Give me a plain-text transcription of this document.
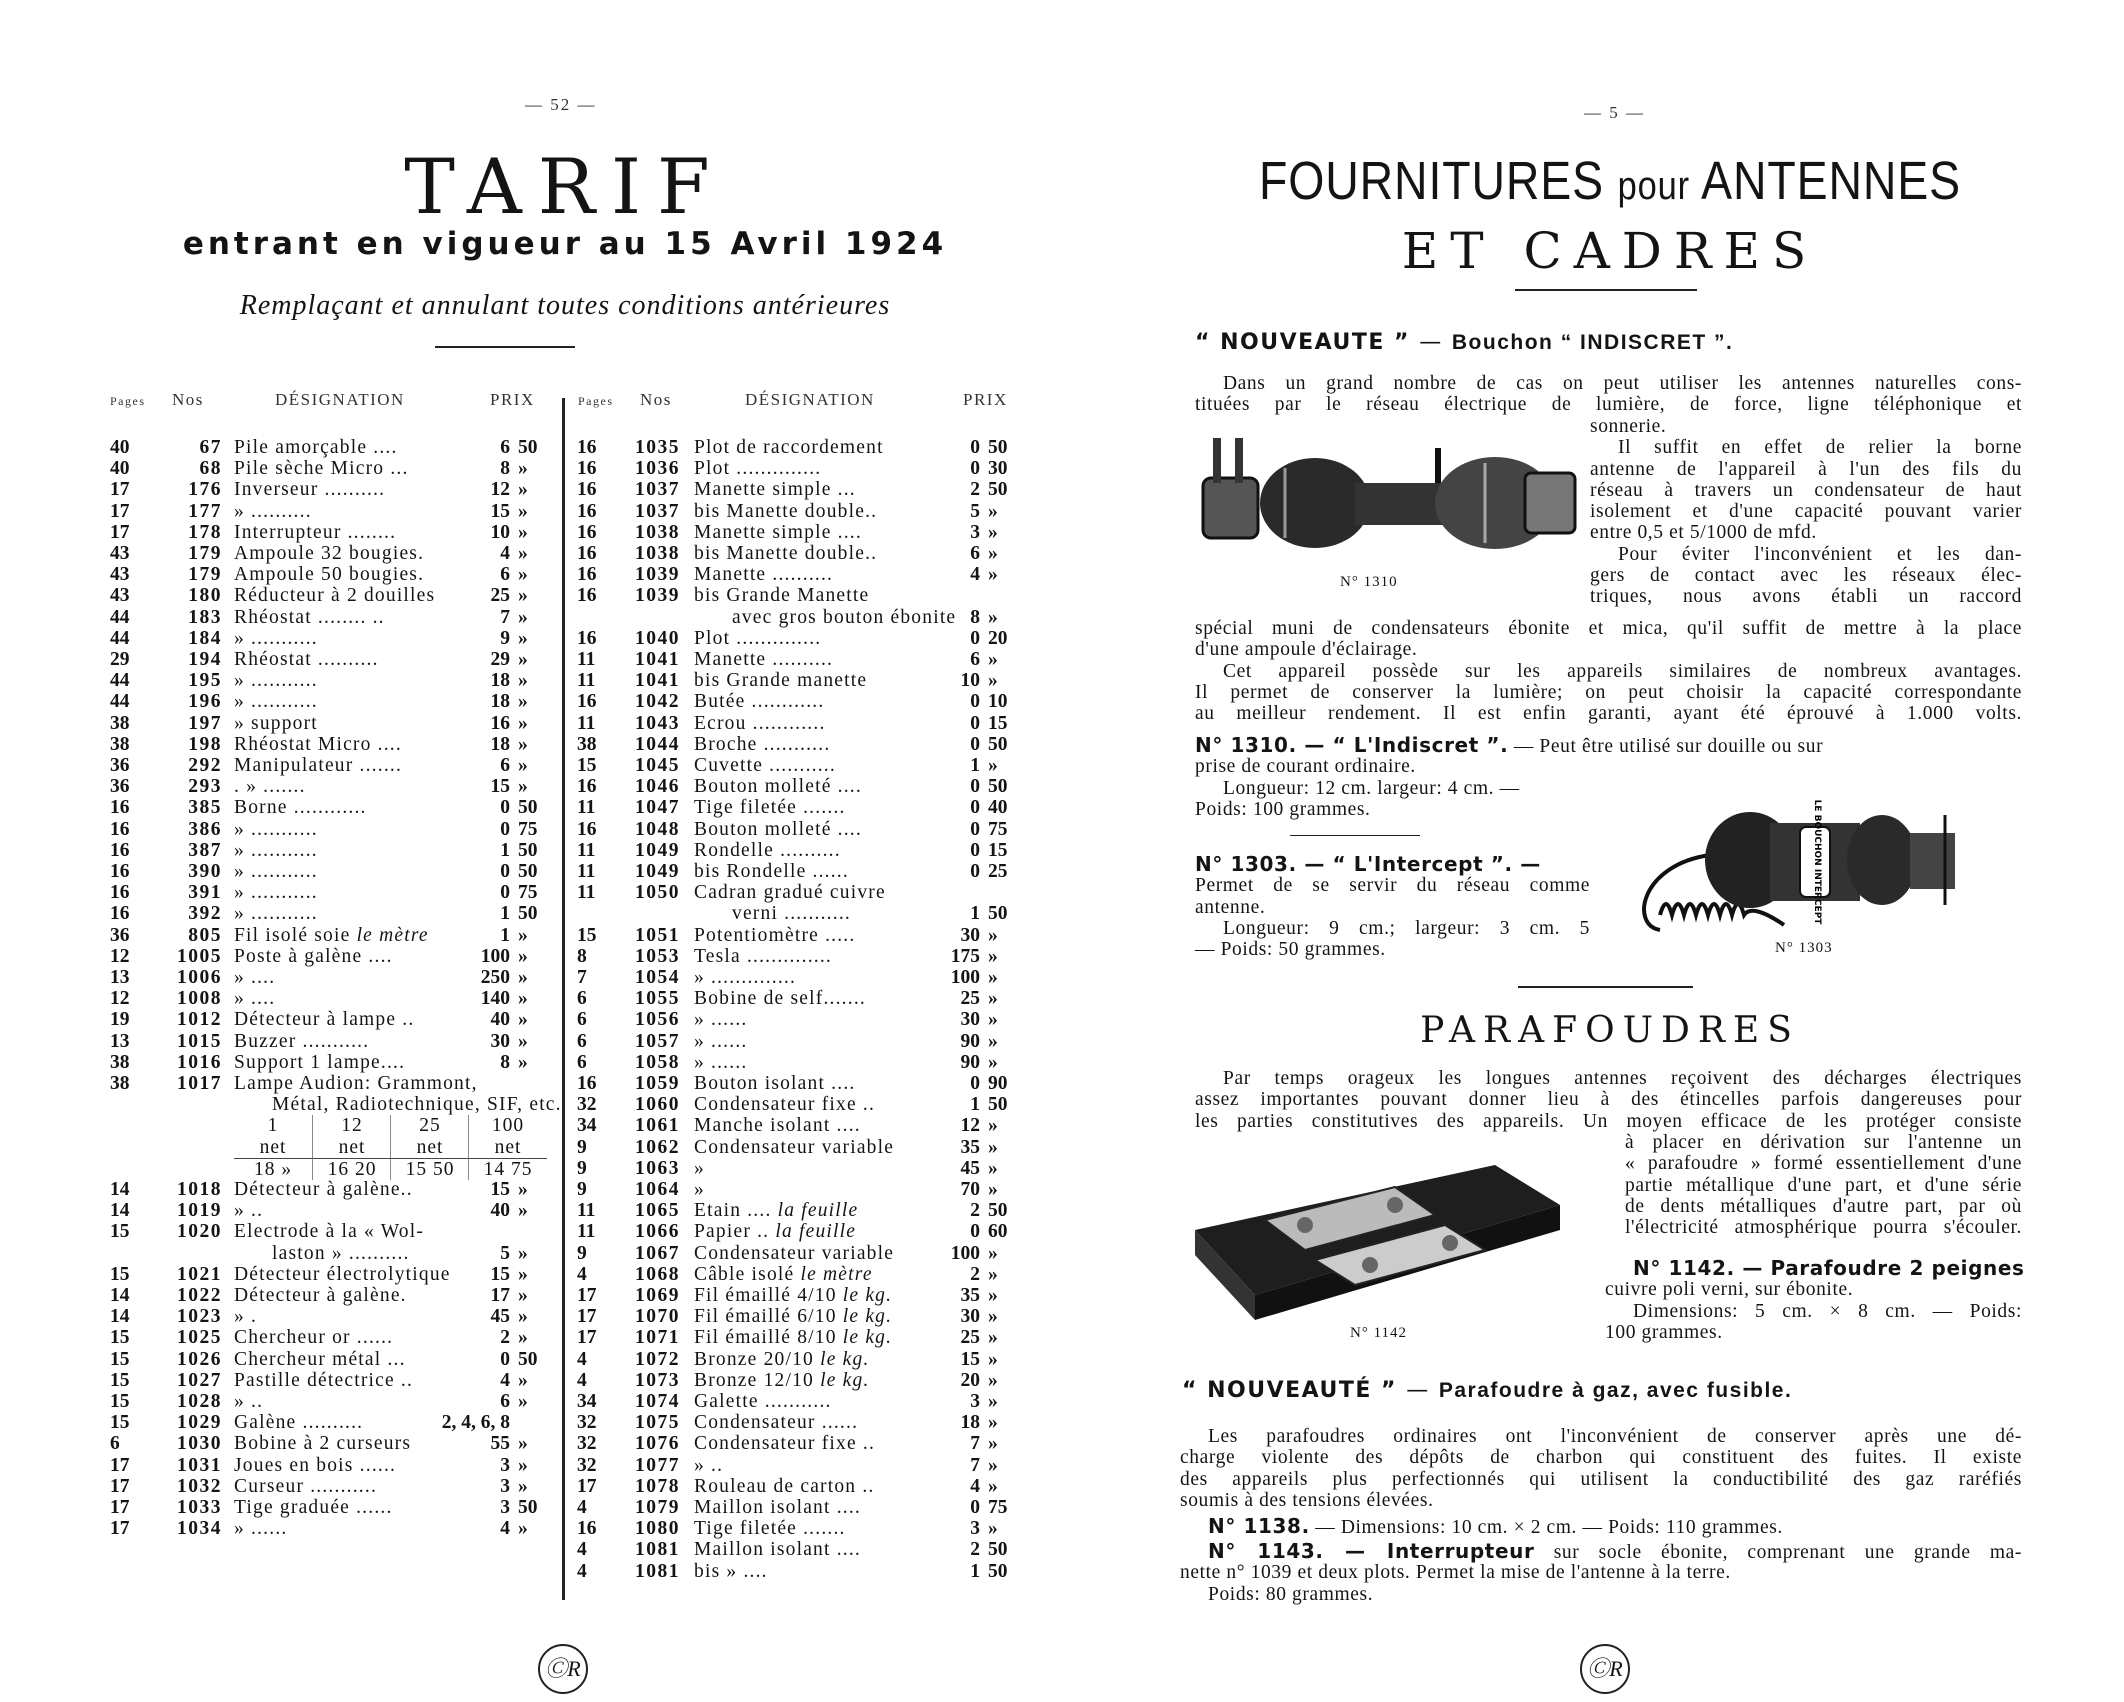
— 52 —
TARIF
entrant en vigueur au 15 Avril 1924
Remplaçant et annulant toutes conditions antérieures
Pages Nos	DÉSIGNATION	PRIX	Pages Nos	DÉSIGNATION	PRIX
40	67 Pile amorçable ....	6 50
40	68 Pile sèche Micro ...	8 »
17	176 Inverseur ..........	12 »
17	177 » ..........	15 »
17	178 Interrupteur ........	10 »
43	179 Ampoule 32 bougies.	4 »
43	179 Ampoule 50 bougies.	6 »
43	180 Réducteur à 2 douilles	25 »
44	183 Rhéostat ........ ..	7 »
44	184 » ...........	9 »
29	194 Rhéostat ..........	29 »
44	195 » ...........	18 »
44	196 » ...........	18 »
38	197 » support	16 »
38	198 Rhéostat Micro ....	18 »
36	292 Manipulateur .......	6 »
36	293 . » .......	15 »
16	385 Borne ............	0 50
16	386 » ...........	0 75
16	387 » ...........	1 50
16	390 » ...........	0 50
16	391 » ...........	0 75
16	392 » ...........	1 50
36	805 Fil isolé soie le mètre	1 »
12	1005 Poste à galène ....	100 »
13	1006 » ....	250 »
12	1008 » ....	140 »
19	1012 Détecteur à lampe ..	40 »
13	1015 Buzzer ...........	30 »
38	1016 Support 1 lampe....	8 »
38	1017 Lampe Audion: Grammont,
Métal, Radiotechnique, SIF, etc.
1	12	25	100
net	net	net	net
18 »	16 20	15 50	14 75
14	1018 Détecteur à galène..	15 »
14	1019 » ..	40 »
15	1020 Electrode à la « Wol-
laston » ..........	5 »
15	1021 Détecteur électrolytique	15 »
14	1022 Détecteur à galène.	17 »
14	1023 » .	45 »
15	1025 Chercheur or ......	2 »
15	1026 Chercheur métal ...	0 50
15	1027 Pastille détectrice ..	4 »
15	1028 » ..	6 »
15	1029 Galène ..........	2, 4, 6, 8
6	1030 Bobine à 2 curseurs	55 »
17	1031 Joues en bois ......	3 »
17	1032 Curseur ...........	3 »
17	1033 Tige graduée ......	3 50
17	1034 » ......	4 »
16	1035 Plot de raccordement	0 50
16	1036 Plot ..............	0 30
16	1037 Manette simple ...	2 50
16	1037 bis Manette double..	5 »
16	1038 Manette simple ....	3 »
16	1038 bis Manette double..	6 »
16	1039 Manette ..........	4 »
16	1039 bis Grande Manette
avec gros bouton ébonite 8 »
16	1040 Plot ..............	0 20
11	1041 Manette ..........	6 »
11	1041 bis Grande manette	10 »
16	1042 Butée ............	0 10
11	1043 Ecrou ............	0 15
38	1044 Broche ...........	0 50
15	1045 Cuvette ...........	1 »
16	1046 Bouton molleté ....	0 50
11	1047 Tige filetée .......	0 40
16	1048 Bouton molleté ....	0 75
11	1049 Rondelle ..........	0 15
11	1049 bis Rondelle ......	0 25
11	1050 Cadran gradué cuivre
verni ...........	1 50
15	1051 Potentiomètre .....	30 »
8	1053 Tesla ..............	175 »
7	1054 » ..............	100 »
6	1055 Bobine de self.......	25 »
6	1056 » ......	30 »
6	1057 » ......	90 »
6	1058 » ......	90 »
16	1059 Bouton isolant ....	0 90
32	1060 Condensateur fixe ..	1 50
34	1061 Manche isolant ....	12 »
9	1062 Condensateur variable	35 »
9	1063 »	45 »
9	1064 »	70 »
11	1065 Etain .... la feuille	2 50
11	1066 Papier .. la feuille	0 60
9	1067 Condensateur variable	100 »
4	1068 Câble isolé le mètre	2 »
17	1069 Fil émaillé 4/10 le kg.	35 »
17	1070 Fil émaillé 6/10 le kg.	30 »
17	1071 Fil émaillé 8/10 le kg.	25 »
4	1072 Bronze 20/10 le kg.	15 »
4	1073 Bronze 12/10 le kg.	20 »
34	1074 Galette ...........	3 »
32	1075 Condensateur ......	18 »
32	1076 Condensateur fixe ..	7 »
32	1077 » ..	7 »
17	1078 Rouleau de carton ..	4 »
4	1079 Maillon isolant ....	0 75
16	1080 Tige filetée .......	3 »
4	1081 Maillon isolant ....	2 50
4	1081 bis » ....	1 50
ⒸR
— 5 —
FOURNITURES pour ANTENNES
ET CADRES
“ NOUVEAUTE ” — Bouchon “ INDISCRET ”.
Dans un grand nombre de cas on peut utiliser les antennes naturelles cons-
tituées par le réseau électrique de lumière, de force, ligne téléphonique et
sonnerie.
Il suffit en effet de relier la borne
antenne de l'appareil à l'un des fils du
réseau à travers un condensateur de haut
isolement et d'une capacité pouvant varier
entre 0,5 et 5/1000 de mfd.
Pour éviter l'inconvénient et les dan-
gers de contact avec les réseaux élec-
triques, nous avons établi un raccord
N° 1310
spécial muni de condensateurs ébonite et mica, qu'il suffit de mettre à la place
d'une ampoule d'éclairage.
Cet appareil possède sur les appareils similaires de nombreux avantages.
Il permet de conserver la lumière; on peut choisir la capacité correspondante
au meilleur rendement. Il est enfin garanti, ayant été éprouvé à 1.000 volts.
N° 1310. — “ L'Indiscret ”. — Peut être utilisé sur douille ou sur
prise de courant ordinaire.
Longueur: 12 cm. largeur: 4 cm. —
Poids: 100 grammes.
N° 1303. — “ L'Intercept ”. —
Permet de se servir du réseau comme
antenne.
Longueur: 9 cm.; largeur: 3 cm. 5
— Poids: 50 grammes.
LE BOUCHON INTERCEPT
N° 1303
PARAFOUDRES
Par temps orageux les longues antennes reçoivent des décharges électriques
assez importantes pouvant donner lieu à des étincelles parfois dangereuses pour
les parties constitutives des appareils. Un moyen efficace de les protéger consiste
à placer en dérivation sur l'antenne un
« parafoudre » formé essentiellement d'une
partie métallique d'une part, et d'une série
de dents métalliques d'autre part, par où
l'électricité atmosphérique pourra s'écouler.
N° 1142
N° 1142. — Parafoudre 2 peignes
cuivre poli verni, sur ébonite.
Dimensions: 5 cm. × 8 cm. — Poids:
100 grammes.
“ NOUVEAUTÉ ” — Parafoudre à gaz, avec fusible.
Les parafoudres ordinaires ont l'inconvénient de conserver après une dé-
charge violente des dépôts de charbon qui constituent des fuites. Il existe
des appareils plus perfectionnés qui utilisent la conductibilité des gaz raréfiés
soumis à des tensions élevées.
N° 1138. — Dimensions: 10 cm. × 2 cm. — Poids: 110 grammes.
N° 1143. — Interrupteur sur socle ébonite, comprenant une grande ma-
nette n° 1039 et deux plots. Permet la mise de l'antenne à la terre.
Poids: 80 grammes.
ⒸR
